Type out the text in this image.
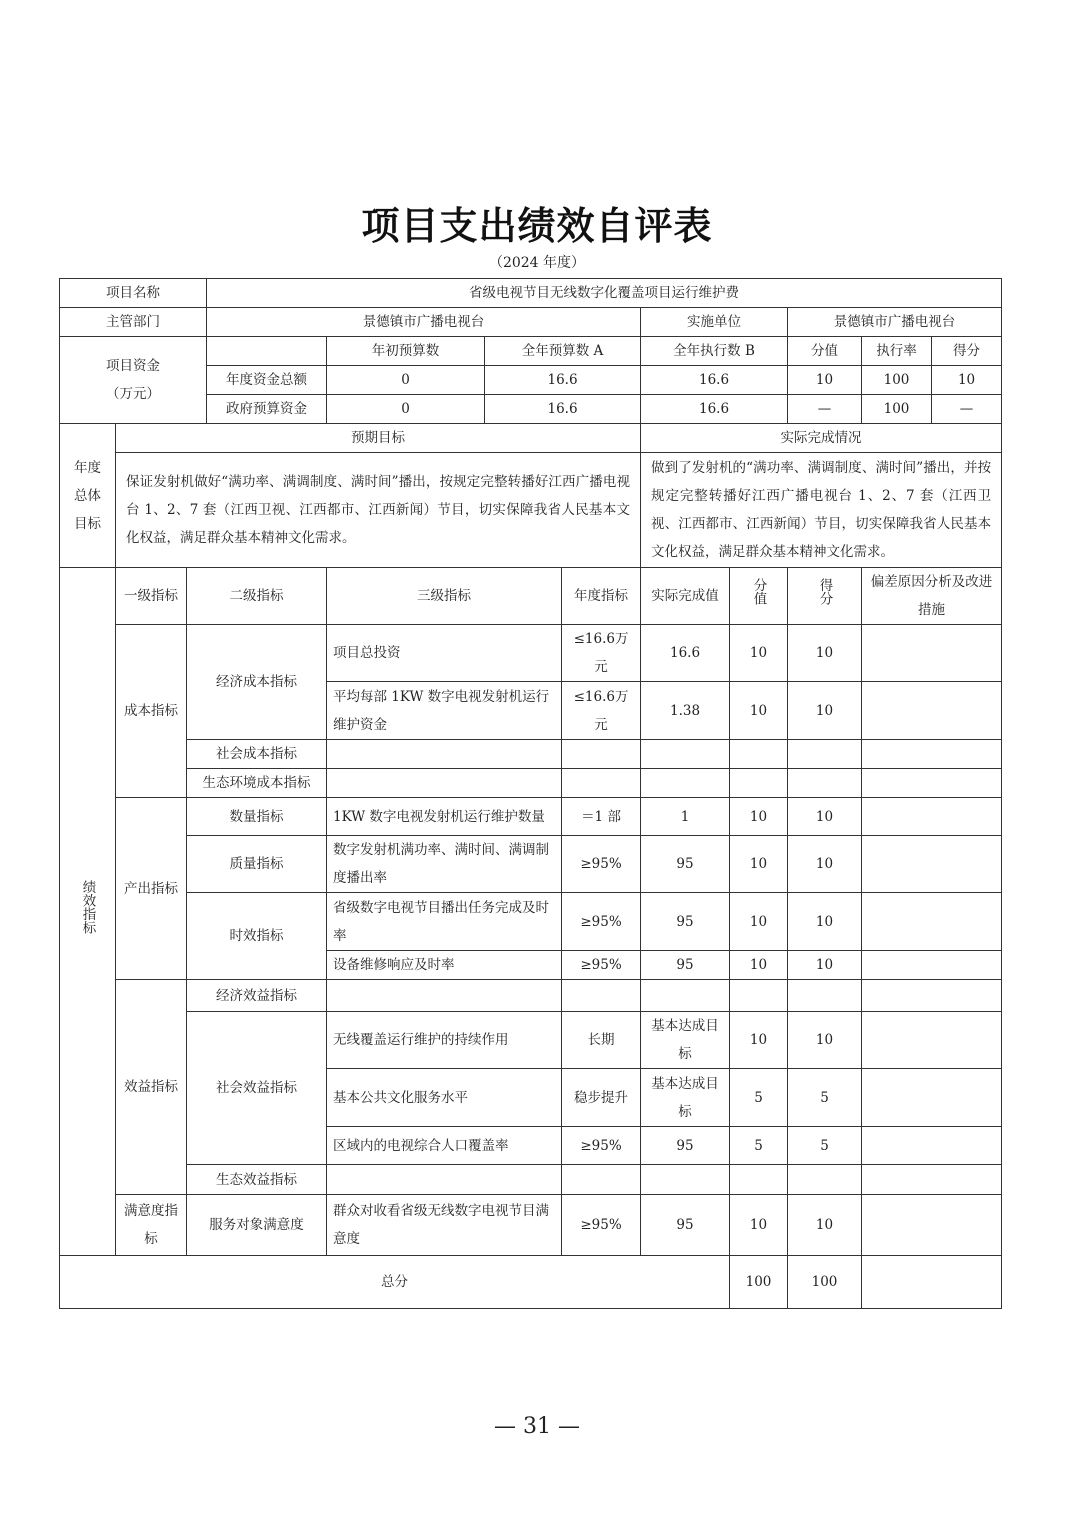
项目支出绩效自评表
（2024 年度）
项目名称			省级电视节目无线数字化覆盖项目运行维护费								
主管部门			景德镇市广播电视台				实施单位		景德镇市广播电视台		
项目资金
（万元）				年初预算数	全年预算数 A		全年执行数 B		分值	执行率	得分
			年度资金总额	0	16.6		16.6		10	100	10
			政府预算资金	0	16.6		16.6		—	100	—
年度
总体
目标	预期目标						实际完成情况				
	保证发射机做好“满功率、满调制度、满时间”播出，按规定完整转播好江西广播电视台 1、2、7 套（江西卫视、江西都市、江西新闻）节目，切实保障我省人民基本文化权益，满足群众基本精神文化需求。						做到了发射机的“满功率、满调制度、满时间”播出，并按规定完整转播好江西广播电视台 1、2、7 套（江西卫视、江西都市、江西新闻）节目，切实保障我省人民基本文化权益，满足群众基本精神文化需求。				
绩效指标	一级指标	二级指标		三级指标		年度指标	实际完成值	分值	得分	偏差原因分析及改进措施	
	成本指标	经济成本指标		项目总投资		≤16.6万元	16.6	10	10		
				平均每部 1KW 数字电视发射机运行维护资金		≤16.6万元	1.38	10	10		
		社会成本指标									
		生态环境成本指标									
	产出指标	数量指标		1KW 数字电视发射机运行维护数量		＝1 部	1	10	10		
		质量指标		数字发射机满功率、满时间、满调制度播出率		≥95%	95	10	10		
		时效指标		省级数字电视节目播出任务完成及时率		≥95%	95	10	10		
				设备维修响应及时率		≥95%	95	10	10		
	效益指标	经济效益指标									
		社会效益指标		无线覆盖运行维护的持续作用		长期	基本达成目标	10	10		
				基本公共文化服务水平		稳步提升	基本达成目标	5	5		
				区域内的电视综合人口覆盖率		≥95%	95	5	5		
		生态效益指标									
	满意度指标	服务对象满意度		群众对收看省级无线数字电视节目满意度		≥95%	95	10	10		
总分								100	100		
— 31 —
